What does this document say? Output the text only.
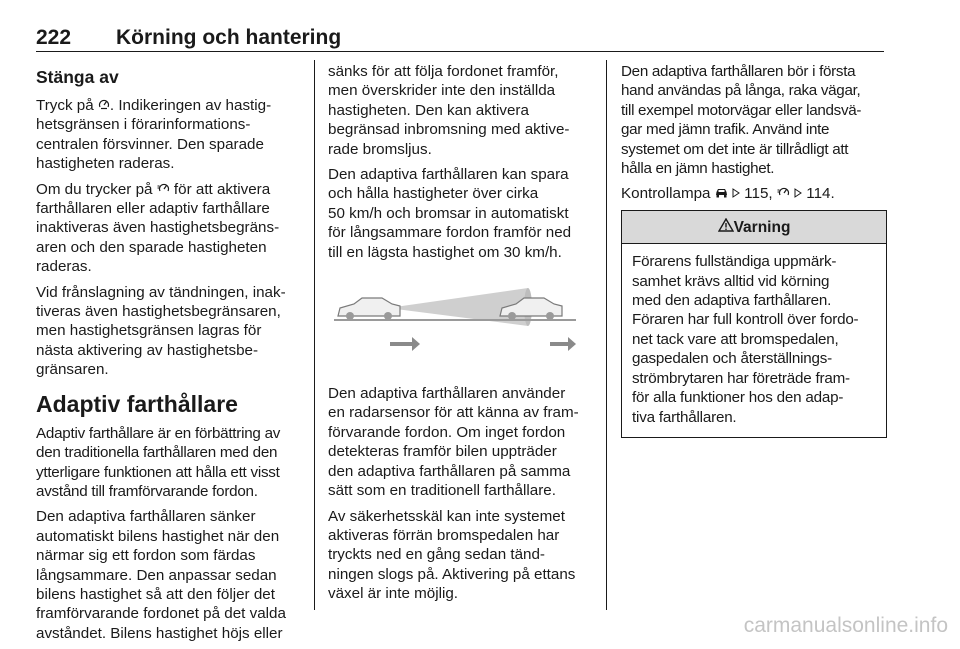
222 Körning och hantering
Stänga av

Tryck på . Indikeringen av hastig-
hetsgränsen i förarinformations-
centralen försvinner. Den sparade
hastigheten raderas.

Om du trycker på  för att aktivera
farthållaren eller adaptiv farthållare
inaktiveras även hastighetsbegräns-
aren och den sparade hastigheten
raderas.

Vid frånslagning av tändningen, inak-
tiveras även hastighetsbegränsaren,
men hastighetsgränsen lagras för
nästa aktivering av hastighetsbe-
gränsaren.

Adaptiv farthållare

Adaptiv farthållare är en förbättring av
den traditionella farthållaren med den
ytterligare funktionen att hålla ett visst
avstånd till framförvarande fordon.

Den adaptiva farthållaren sänker
automatiskt bilens hastighet när den
närmar sig ett fordon som färdas
långsammare. Den anpassar sedan
bilens hastighet så att den följer det
framförvarande fordonet på det valda
avståndet. Bilens hastighet höjs eller

sänks för att följa fordonet framför,
men överskrider inte den inställda
hastigheten. Den kan aktivera
begränsad inbromsning med aktive-
rade bromsljus.

Den adaptiva farthållaren kan spara
och hålla hastigheter över cirka
50 km/h och bromsar in automatiskt
för långsammare fordon framför ned
till en lägsta hastighet om 30 km/h.

Den adaptiva farthållaren använder
en radarsensor för att känna av fram-
förvarande fordon. Om inget fordon
detekteras framför bilen uppträder
den adaptiva farthållaren på samma
sätt som en traditionell farthållare.

Av säkerhetsskäl kan inte systemet
aktiveras förrän bromspedalen har
tryckts ned en gång sedan tänd-
ningen slogs på. Aktivering på ettans
växel är inte möjlig.

Den adaptiva farthållaren bör i första
hand användas på långa, raka vägar,
till exempel motorvägar eller landsvä-
gar med jämn trafik. Använd inte
systemet om det inte är tillrådligt att
hålla en jämn hastighet.

Kontrollampa   115,   114.

Varning
Förarens fullständiga uppmärk-
samhet krävs alltid vid körning
med den adaptiva farthållaren.
Föraren har full kontroll över fordo-
net tack vare att bromspedalen,
gaspedalen och återställnings-
strömbrytaren har företräde fram-
för alla funktioner hos den adap-
tiva farthållaren.
carmanualsonline.info
